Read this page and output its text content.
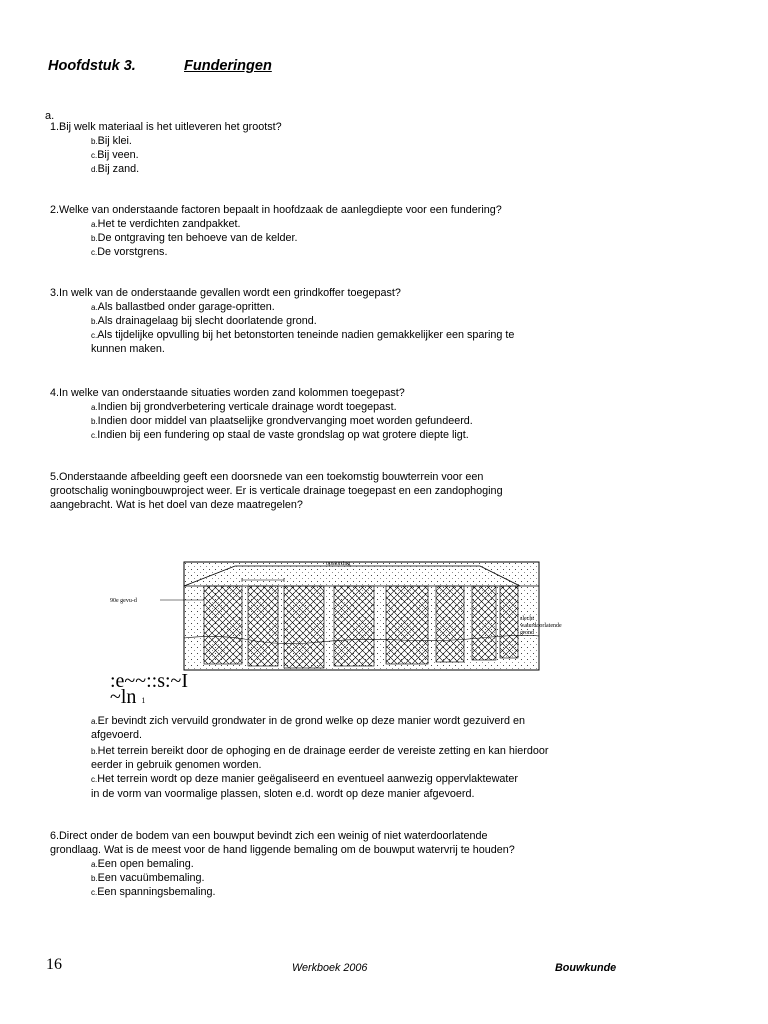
Hoofdstuk 3.	Funderingen
a.
1.Bij welk materiaal is het uitleveren het grootst?
b.Bij klei.
c.Bij veen.
d.Bij zand.
2.Welke van onderstaande factoren bepaalt in hoofdzaak de aanlegdiepte voor een fundering?
a.Het te verdichten zandpakket.
b.De ontgraving ten behoeve van de kelder.
c.De vorstgrens.
3.In welk van de onderstaande gevallen wordt een grindkoffer toegepast?
a.Als ballastbed onder garage-opritten.
b.Als drainagelaag bij slecht doorlatende grond.
c.Als tijdelijke opvulling bij het betonstorten teneinde nadien gemakkelijker een sparing te
kunnen maken.
4.In welke van onderstaande situaties worden zand kolommen toegepast?
a.Indien bij grondverbetering verticale drainage wordt toegepast.
b.Indien door middel van plaatselijke grondvervanging moet worden gefundeerd.
c.Indien bij een fundering op staal de vaste grondslag op wat grotere diepte ligt.
5.Onderstaande afbeelding geeft een doorsnede van een toekomstig bouwterrein voor een
grootschalig woningbouwproject weer. Er is verticale drainage toegepast en een zandophoging
aangebracht. Wat is het doel van deze maatregelen?
opstorting
90e gevu-d
slecht
waterdoorlatende
grond
:e~~::s:~I
~ln 1
a.Er bevindt zich vervuild grondwater in de grond welke op deze manier wordt gezuiverd en
afgevoerd.
b.Het terrein bereikt door de ophoging en de drainage eerder de vereiste zetting en kan hierdoor
eerder in gebruik genomen worden.
c.Het terrein wordt op deze manier geëgaliseerd en eventueel aanwezig oppervlaktewater
in de vorm van voormalige plassen, sloten e.d. wordt op deze manier afgevoerd.
6.Direct onder de bodem van een bouwput bevindt zich een weinig of niet waterdoorlatende
grondlaag. Wat is de meest voor de hand liggende bemaling om de bouwput watervrij te houden?
a.Een open bemaling.
b.Een vacuümbemaling.
c.Een spanningsbemaling.
16	Werkboek 2006	Bouwkunde
